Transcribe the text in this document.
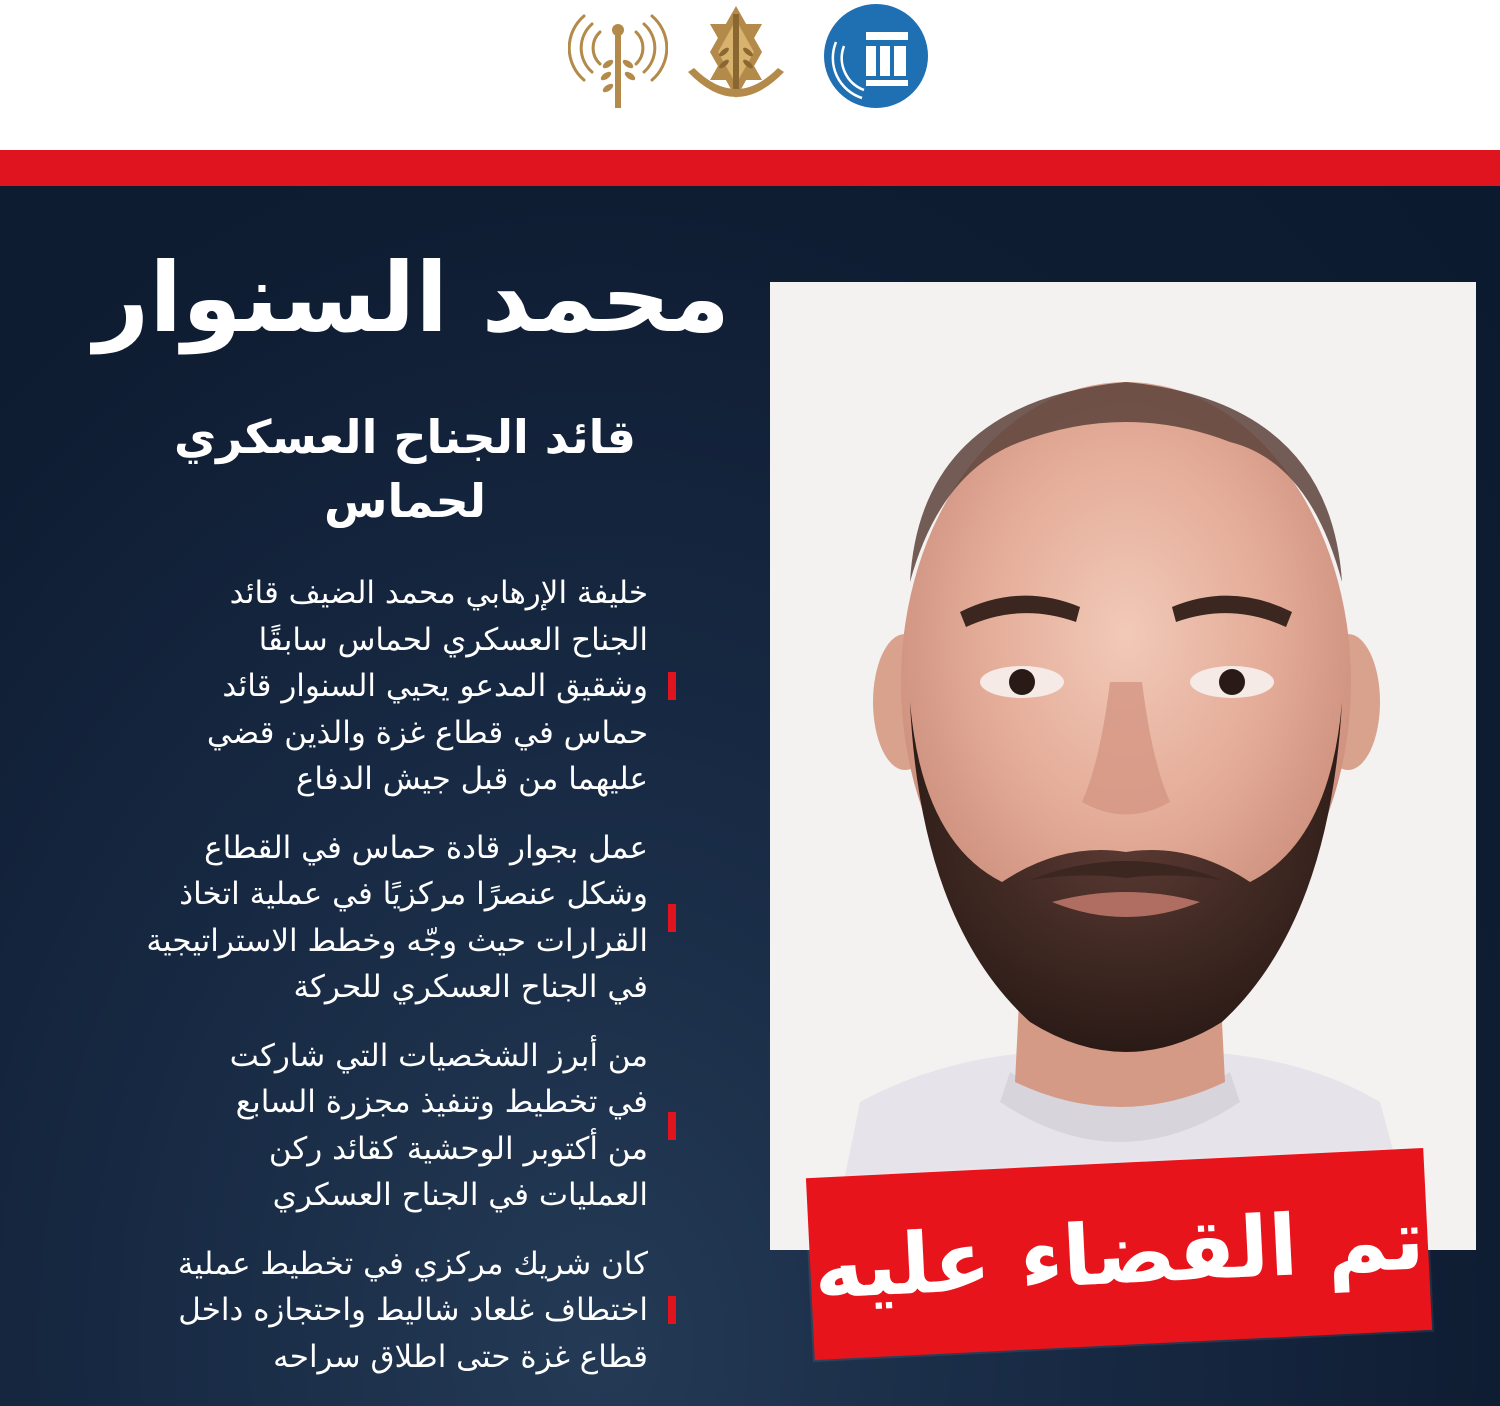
محمد السنوار
قائد الجناح العسكري
لحماس
خليفة الإرهابي محمد الضيف قائد
الجناح العسكري لحماس سابقًا
وشقيق المدعو يحيي السنوار قائد
حماس في قطاع غزة والذين قضي
عليهما من قبل جيش الدفاع
عمل بجوار قادة حماس في القطاع
وشكل عنصرًا مركزيًا في عملية اتخاذ
القرارات حيث وجّه وخطط الاستراتيجية
في الجناح العسكري للحركة
من أبرز الشخصيات التي شاركت
في تخطيط وتنفيذ مجزرة السابع
من أكتوبر الوحشية كقائد ركن
العمليات في الجناح العسكري
كان شريك مركزي في تخطيط عملية
اختطاف غلعاد شاليط واحتجازه داخل
قطاع غزة حتى اطلاق سراحه
تم القضاء عليه
